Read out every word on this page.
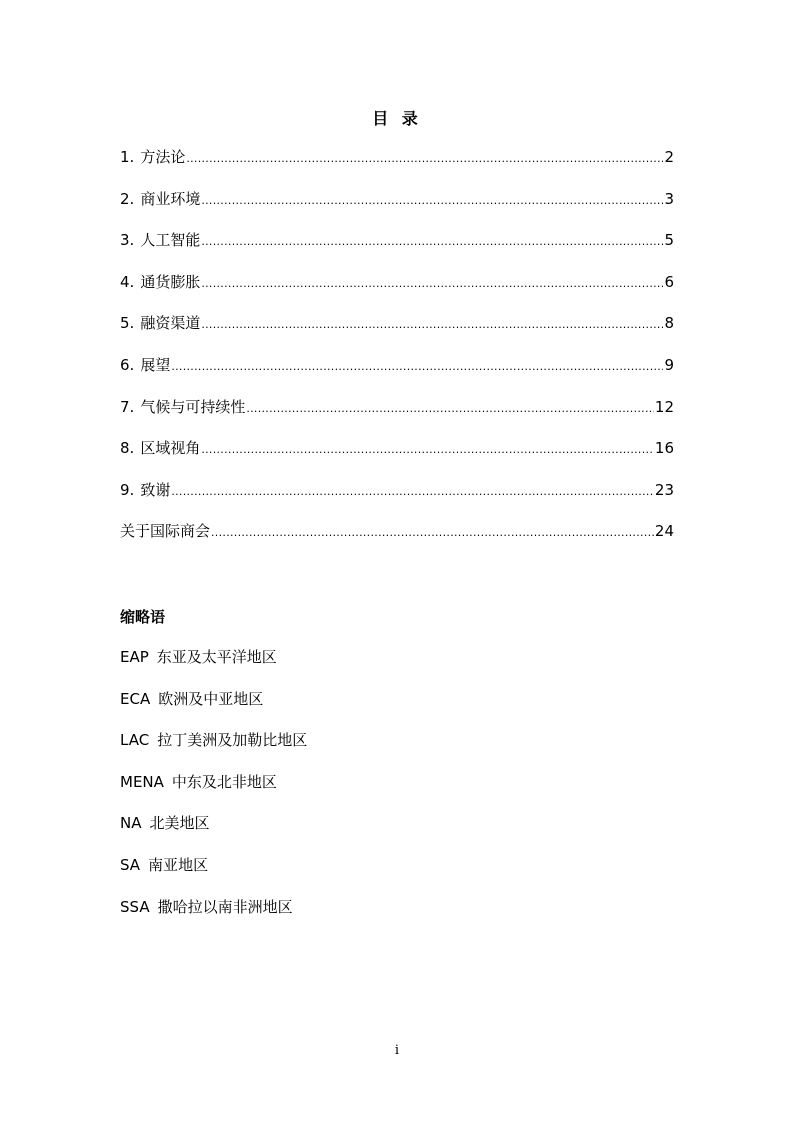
目 录
1. 方法论 .....	2
2. 商业环境 .....	3
3. 人工智能 .....	5
4. 通货膨胀 .....	6
5. 融资渠道 .....	8
6. 展望 .....	9
7. 气候与可持续性 .....	12
8. 区域视角 .....	16
9. 致谢 .....	23
关于国际商会 .....	24
缩略语
EAP 东亚及太平洋地区
ECA 欧洲及中亚地区
LAC 拉丁美洲及加勒比地区
MENA 中东及北非地区
NA 北美地区
SA 南亚地区
SSA 撒哈拉以南非洲地区
i
